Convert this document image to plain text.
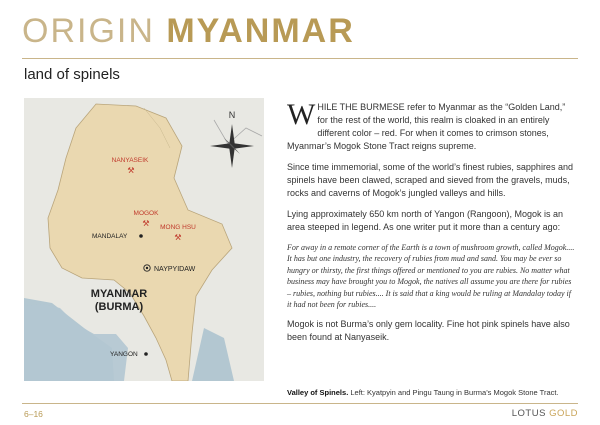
ORIGIN MYANMAR
land of spinels
N
NANYASEIK
⚒
MOGOK
⚒ MONG HSU
⚒
MANDALAY
NAYPYIDAW
MYANMAR
(BURMA)
YANGON

WHILE THE BURMESE refer to Myanmar as the “Golden Land,” for the rest of the world, this realm is cloaked in an entirely different color – red. For when it comes to crimson stones, Myanmar’s Mogok Stone Tract reigns supreme.

Since time immemorial, some of the world’s finest rubies, sapphires and spinels have been clawed, scraped and sieved from the gravels, muds, rocks and caverns of Mogok’s jungled valleys and hills.

Lying approximately 650 km north of Yangon (Rangoon), Mogok is an area steeped in legend. As one writer put it more than a century ago:

For away in a remote corner of the Earth is a town of mushroom growth, called Mogok.... It has but one industry, the recovery of rubies from mud and sand. You may be ever so hungry or thirsty, the first things offered or mentioned to you are rubies. No matter what business may have brought you to Mogok, the natives all assume you are there for rubies – rubies, nothing but rubies.... It is said that a king would be ruling at Mandalay today if it had not been for rubies....

Mogok is not Burma’s only gem locality. Fine hot pink spinels have also been found at Nanyaseik.

Valley of Spinels. Left: Kyatpyin and Pingu Taung in Burma’s Mogok Stone Tract.
6–16	LOTUS GOLD
